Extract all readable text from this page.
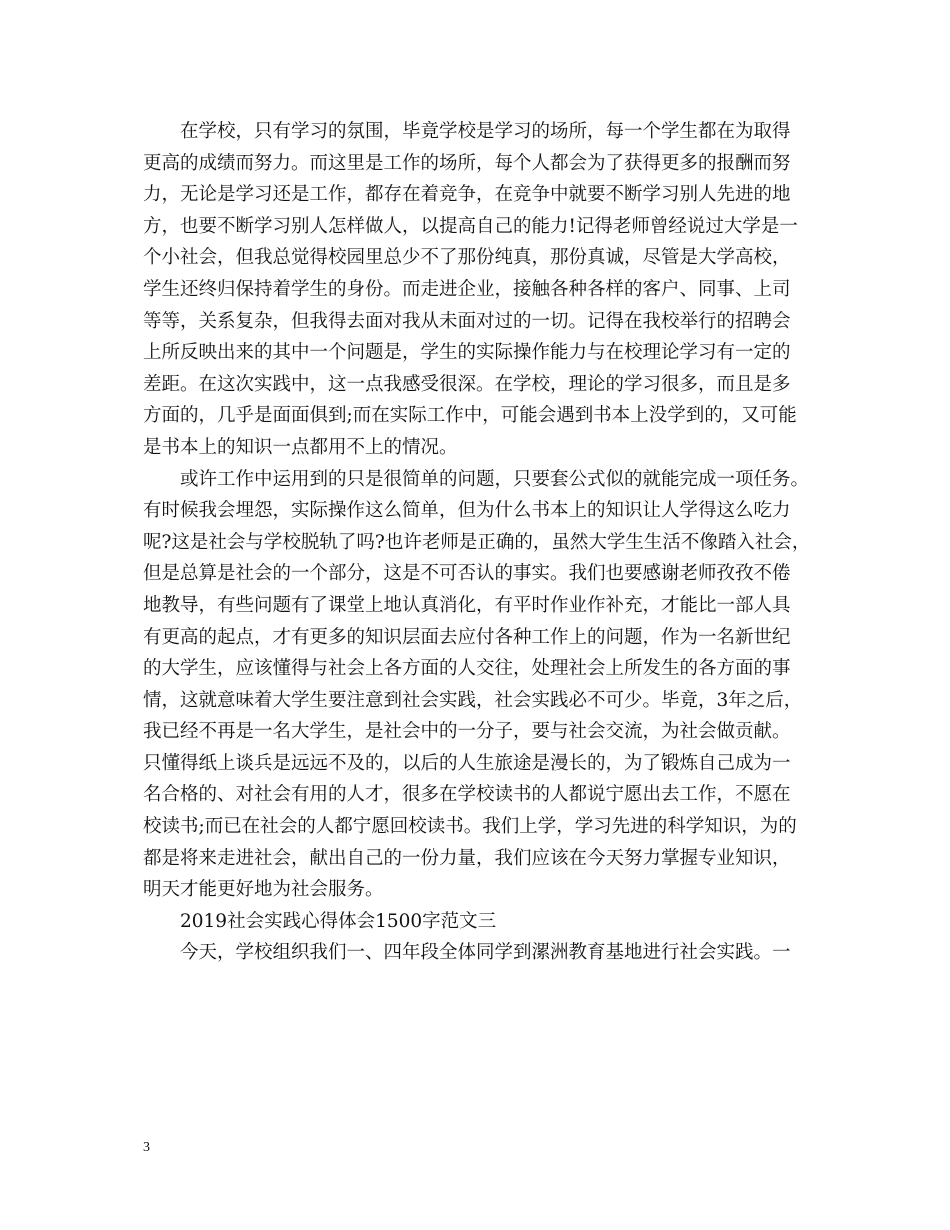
在学校，只有学习的氛围，毕竟学校是学习的场所，每一个学生都在为取得
更高的成绩而努力。而这里是工作的场所，每个人都会为了获得更多的报酬而努
力，无论是学习还是工作，都存在着竞争，在竞争中就要不断学习别人先进的地
方，也要不断学习别人怎样做人，以提高自己的能力!记得老师曾经说过大学是一
个小社会，但我总觉得校园里总少不了那份纯真，那份真诚，尽管是大学高校，
学生还终归保持着学生的身份。而走进企业，接触各种各样的客户、同事、上司
等等，关系复杂，但我得去面对我从未面对过的一切。记得在我校举行的招聘会
上所反映出来的其中一个问题是，学生的实际操作能力与在校理论学习有一定的
差距。在这次实践中，这一点我感受很深。在学校，理论的学习很多，而且是多
方面的，几乎是面面俱到;而在实际工作中，可能会遇到书本上没学到的，又可能
是书本上的知识一点都用不上的情况。
或许工作中运用到的只是很简单的问题，只要套公式似的就能完成一项任务。
有时候我会埋怨，实际操作这么简单，但为什么书本上的知识让人学得这么吃力
呢?这是社会与学校脱轨了吗?也许老师是正确的，虽然大学生生活不像踏入社会，
但是总算是社会的一个部分，这是不可否认的事实。我们也要感谢老师孜孜不倦
地教导，有些问题有了课堂上地认真消化，有平时作业作补充，才能比一部人具
有更高的起点，才有更多的知识层面去应付各种工作上的问题，作为一名新世纪
的大学生，应该懂得与社会上各方面的人交往，处理社会上所发生的各方面的事
情，这就意味着大学生要注意到社会实践，社会实践必不可少。毕竟，3年之后，
我已经不再是一名大学生，是社会中的一分子，要与社会交流，为社会做贡献。
只懂得纸上谈兵是远远不及的，以后的人生旅途是漫长的，为了锻炼自己成为一
名合格的、对社会有用的人才，很多在学校读书的人都说宁愿出去工作，不愿在
校读书;而已在社会的人都宁愿回校读书。我们上学，学习先进的科学知识，为的
都是将来走进社会，献出自己的一份力量，我们应该在今天努力掌握专业知识，
明天才能更好地为社会服务。
2019社会实践心得体会1500字范文三
今天，学校组织我们一、四年段全体同学到漯洲教育基地进行社会实践。一
3
